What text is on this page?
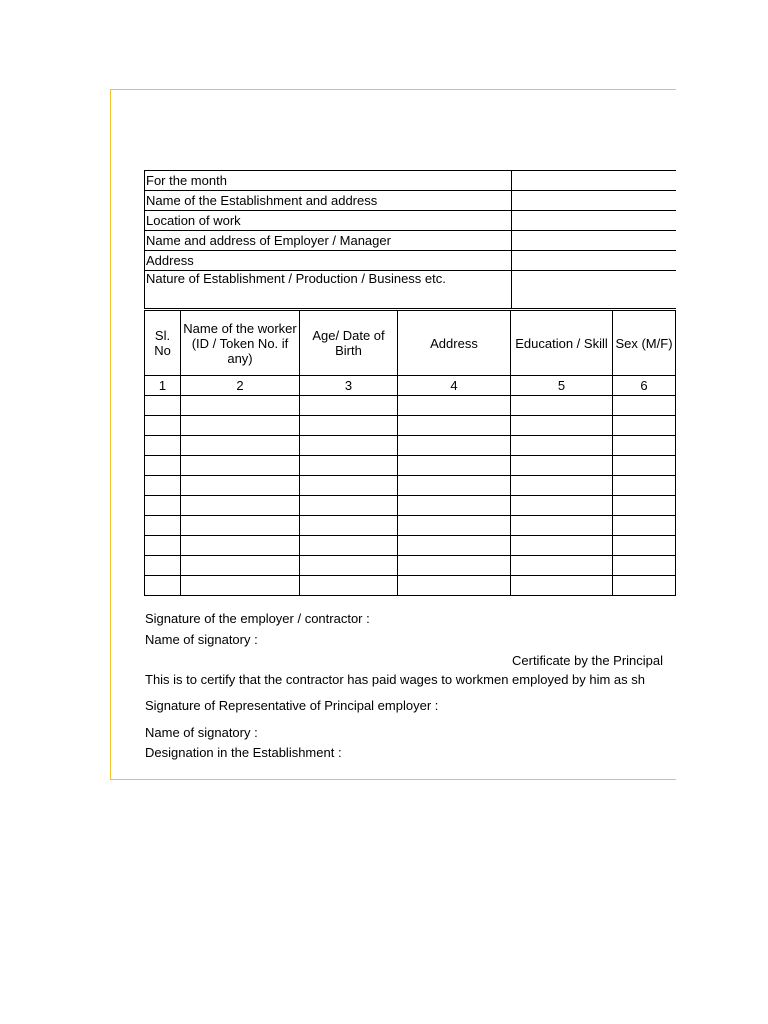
For the month	
Name of the Establishment and address	
Location of work	
Name and address of Employer / Manager	
Address	
Nature of Establishment / Production / Business etc.	
Sl. No	Name of the worker (ID / Token No. if any)	Age/ Date of Birth	Address	Education / Skill	Sex (M/F)	
1	2	3	4	5	6	

Signature of the employer / contractor :
Name of signatory :
Certificate by the Principal
This is to certify that the contractor has paid wages to workmen employed by him as sh
Signature of Representative of Principal employer :
Name of signatory :
Designation in the Establishment :
